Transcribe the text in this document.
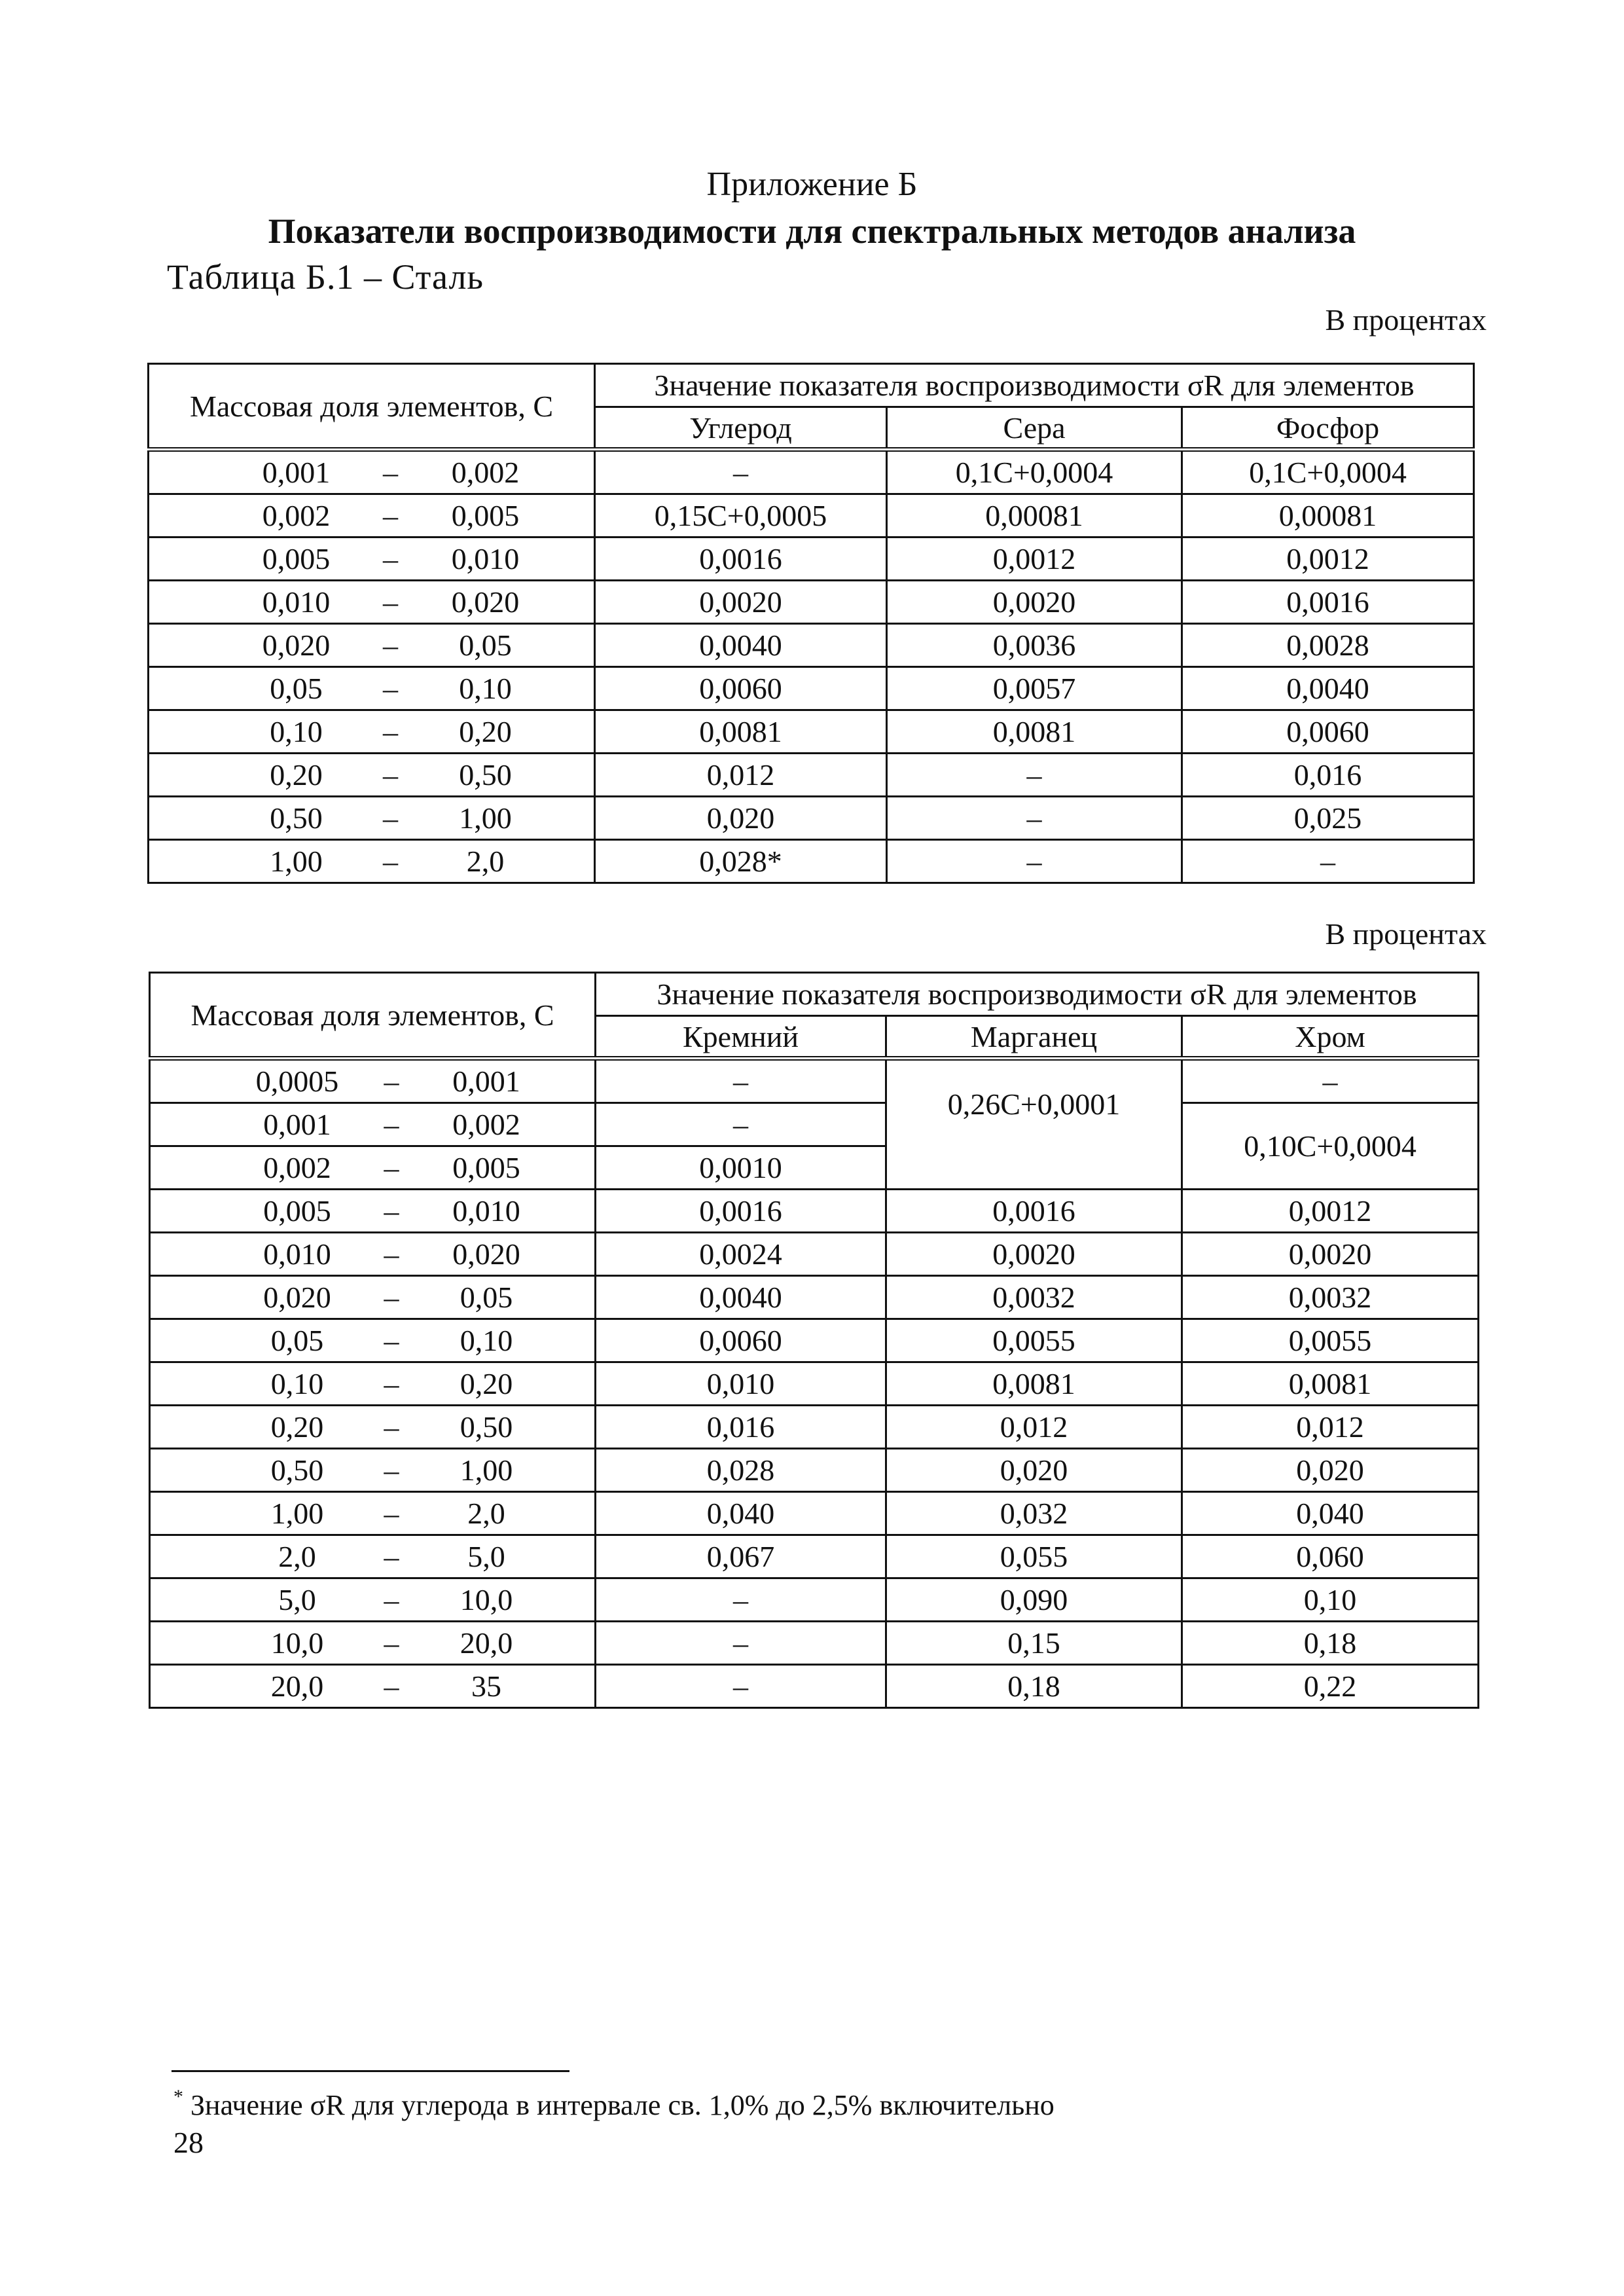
Приложение Б
Показатели воспроизводимости для спектральных методов анализа
Таблица Б.1 – Сталь
В процентах
Массовая доля элементов, C	Значение показателя воспроизводимости σR для элементов		
	Углерод	Сера	Фосфор
0,001 – 0,002	–	0,1C+0,0004	0,1C+0,0004
0,002 – 0,005	0,15C+0,0005	0,00081	0,00081
0,005 – 0,010	0,0016	0,0012	0,0012
0,010 – 0,020	0,0020	0,0020	0,0016
0,020 – 0,05	0,0040	0,0036	0,0028
0,05 – 0,10	0,0060	0,0057	0,0040
0,10 – 0,20	0,0081	0,0081	0,0060
0,20 – 0,50	0,012	–	0,016
0,50 – 1,00	0,020	–	0,025
1,00 – 2,0	0,028*	–	–
В процентах
Массовая доля элементов, C	Значение показателя воспроизводимости σR для элементов		
	Кремний	Марганец	Хром
0,0005 – 0,001	–	0,26C+0,0001	–
0,001 – 0,002	–		0,10C+0,0004
0,002 – 0,005	0,0010		
0,005 – 0,010	0,0016	0,0016	0,0012
0,010 – 0,020	0,0024	0,0020	0,0020
0,020 – 0,05	0,0040	0,0032	0,0032
0,05 – 0,10	0,0060	0,0055	0,0055
0,10 – 0,20	0,010	0,0081	0,0081
0,20 – 0,50	0,016	0,012	0,012
0,50 – 1,00	0,028	0,020	0,020
1,00 – 2,0	0,040	0,032	0,040
2,0 – 5,0	0,067	0,055	0,060
5,0 – 10,0	–	0,090	0,10
10,0 – 20,0	–	0,15	0,18
20,0 – 35	–	0,18	0,22
* Значение σR для углерода в интервале св. 1,0% до 2,5% включительно
28
